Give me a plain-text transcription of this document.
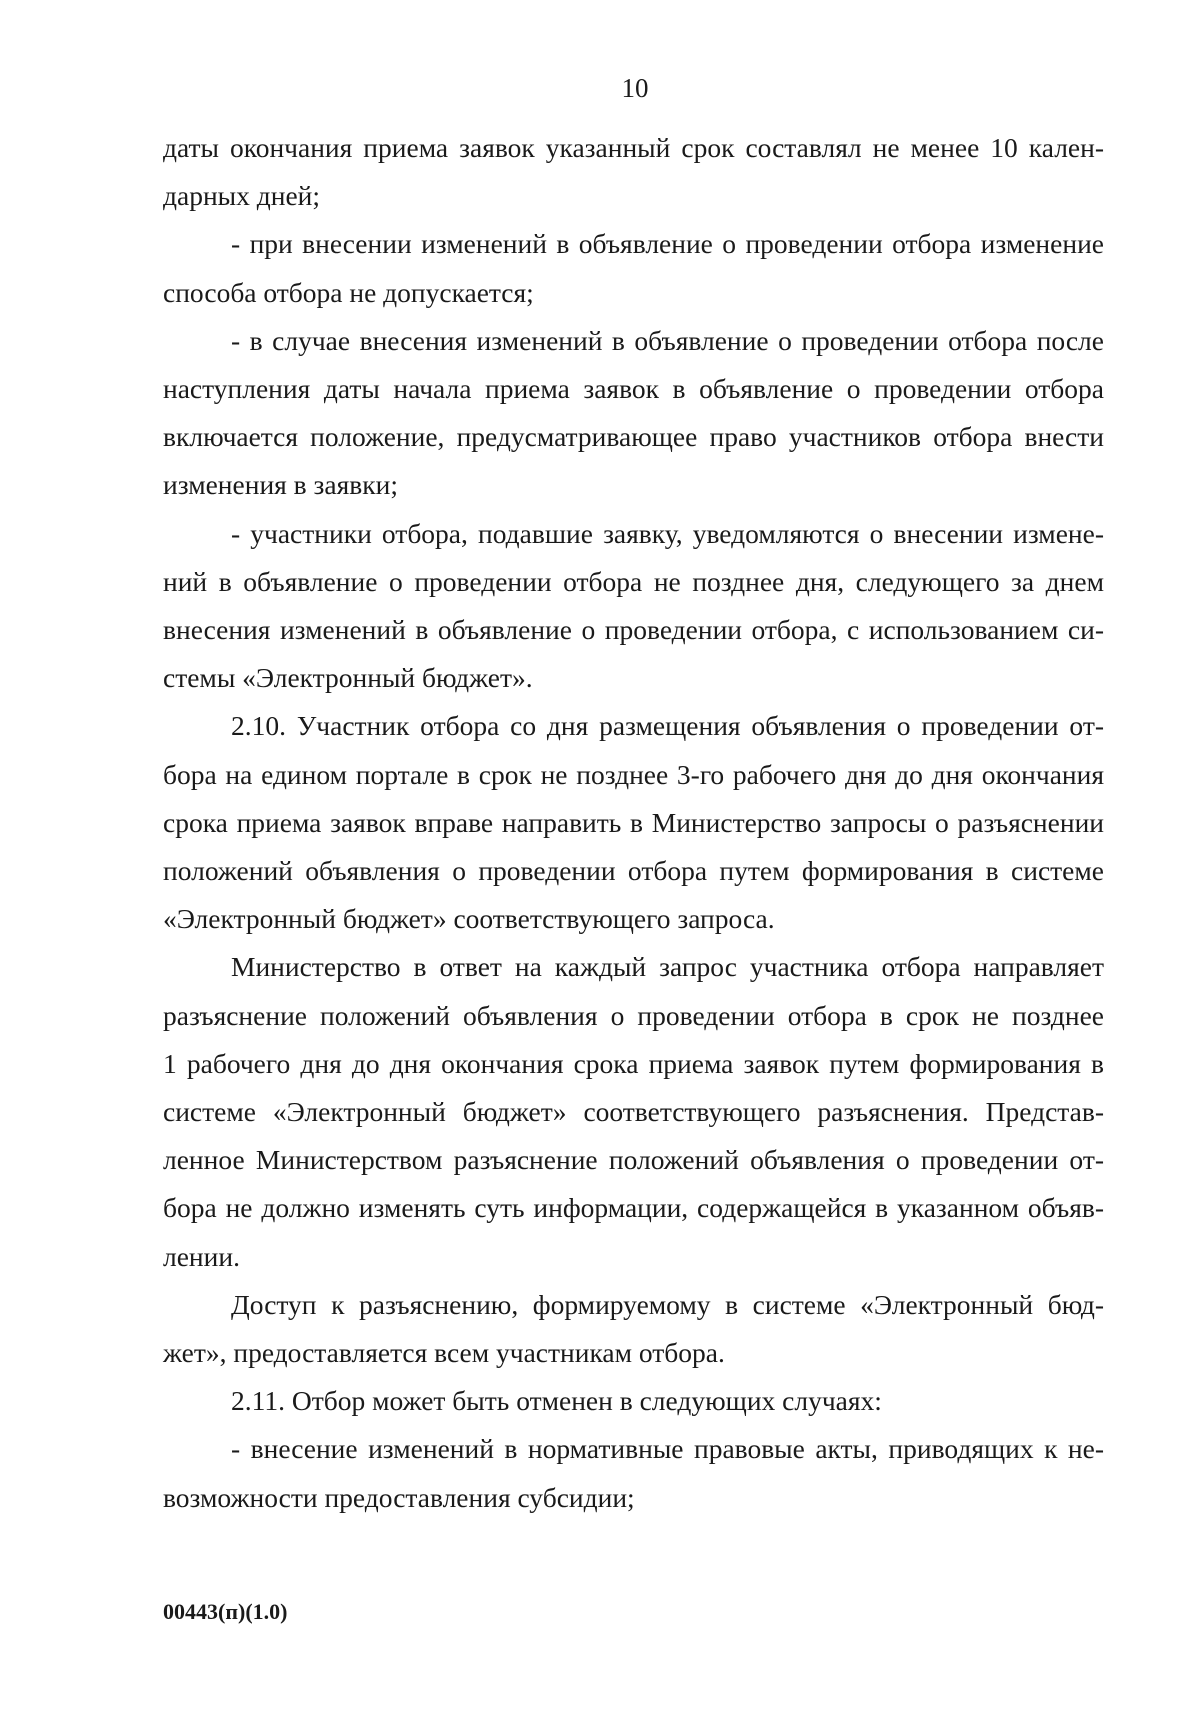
10
даты окончания приема заявок указанный срок составлял не менее 10 кален-
дарных дней;
- при внесении изменений в объявление о проведении отбора изменение
способа отбора не допускается;
- в случае внесения изменений в объявление о проведении отбора после
наступления даты начала приема заявок в объявление о проведении отбора
включается положение, предусматривающее право участников отбора внести
изменения в заявки;
- участники отбора, подавшие заявку, уведомляются о внесении измене-
ний в объявление о проведении отбора не позднее дня, следующего за днем
внесения изменений в объявление о проведении отбора, с использованием си-
стемы «Электронный бюджет».
2.10. Участник отбора со дня размещения объявления о проведении от-
бора на едином портале в срок не позднее 3-го рабочего дня до дня окончания
срока приема заявок вправе направить в Министерство запросы о разъяснении
положений объявления о проведении отбора путем формирования в системе
«Электронный бюджет» соответствующего запроса.
Министерство в ответ на каждый запрос участника отбора направляет
разъяснение положений объявления о проведении отбора в срок не позднее
1 рабочего дня до дня окончания срока приема заявок путем формирования в
системе «Электронный бюджет» соответствующего разъяснения. Представ-
ленное Министерством разъяснение положений объявления о проведении от-
бора не должно изменять суть информации, содержащейся в указанном объяв-
лении.
Доступ к разъяснению, формируемому в системе «Электронный бюд-
жет», предоставляется всем участникам отбора.
2.11. Отбор может быть отменен в следующих случаях:
- внесение изменений в нормативные правовые акты, приводящих к не-
возможности предоставления субсидии;
00443(п)(1.0)
